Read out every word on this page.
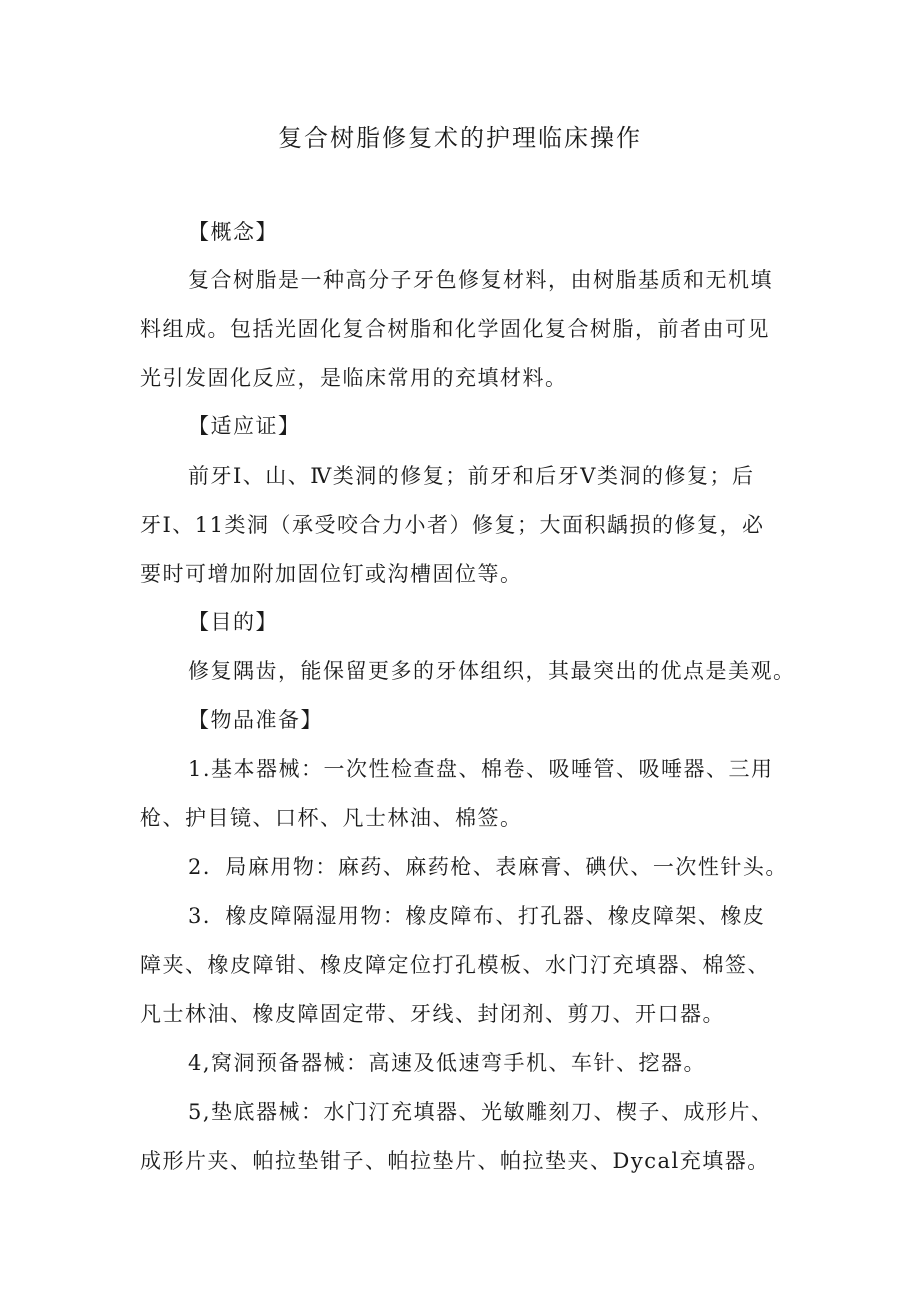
复合树脂修复术的护理临床操作

【概念】

复合树脂是一种高分子牙色修复材料，由树脂基质和无机填

料组成。包括光固化复合树脂和化学固化复合树脂，前者由可见

光引发固化反应，是临床常用的充填材料。

【适应证】

前牙Ⅰ、山、Ⅳ类洞的修复；前牙和后牙Ⅴ类洞的修复；后

牙Ⅰ、11类洞（承受咬合力小者）修复；大面积龋损的修复，必

要时可增加附加固位钉或沟槽固位等。

【目的】

修复隅齿，能保留更多的牙体组织，其最突出的优点是美观。

【物品准备】

1.基本器械：一次性检查盘、棉卷、吸唾管、吸唾器、三用

枪、护目镜、口杯、凡士林油、棉签。

2．局麻用物：麻药、麻药枪、表麻膏、碘伏、一次性针头。

3．橡皮障隔湿用物：橡皮障布、打孔器、橡皮障架、橡皮

障夹、橡皮障钳、橡皮障定位打孔模板、水门汀充填器、棉签、

凡士林油、橡皮障固定带、牙线、封闭剂、剪刀、开口器。

4,窝洞预备器械：高速及低速弯手机、车针、挖器。

5,垫底器械：水门汀充填器、光敏雕刻刀、楔子、成形片、

成形片夹、帕拉垫钳子、帕拉垫片、帕拉垫夹、Dycal充填器。
